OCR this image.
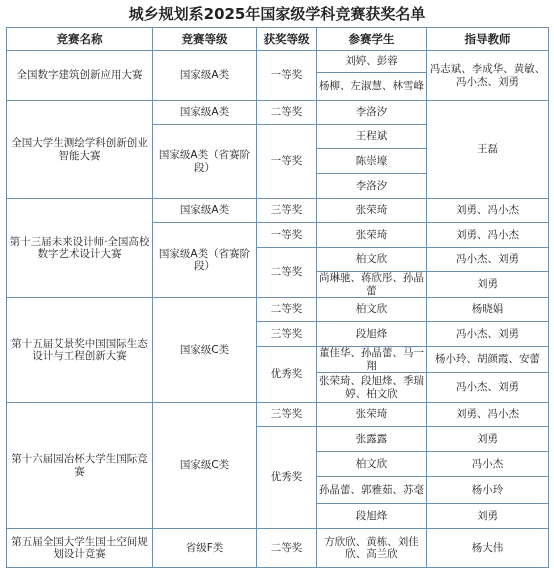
城乡规划系2025年国家级学科竞赛获奖名单
竞赛名称	竞赛等级	获奖等级	参赛学生	指导教师
全国数字建筑创新应用大赛	国家级A类	一等奖	刘婷、彭蓉	冯志斌、李成华、黄敏、冯小杰、刘勇
			杨柳、左淑慧、林雪峰	
全国大学生测绘学科创新创业智能大赛	国家级A类	二等奖	李洛汐	王磊
	国家级A类（省赛阶段）	一等奖	王程斌	
			陈崇壕	
			李洛汐	
第十三届未来设计师·全国高校数字艺术设计大赛	国家级A类	三等奖	张荣琦	刘勇、冯小杰
	国家级A类（省赛阶段）	一等奖	张荣琦	刘勇、冯小杰
		二等奖	柏文欣	冯小杰、刘勇
			尚琳驰、蒋欣彤、孙晶蕾	刘勇
第十五届艾景奖中国国际生态设计与工程创新大赛	国家级C类	二等奖	柏文欣	杨晓娟
		三等奖	段旭烽	冯小杰、刘勇
		优秀奖	董佳华、孙晶蕾、马一翔	杨小玲、胡颜霞、安蕾
			张荣琦、段旭烽、季瑞婷、柏文欣	冯小杰、刘勇
第十六届园冶杯大学生国际竞赛	国家级C类	三等奖	张荣琦	刘勇、冯小杰
		优秀奖	张露露	刘勇
			柏文欣	冯小杰
			孙晶蕾、郭雅茹、苏毫	杨小玲
			段旭烽	刘勇
第五届全国大学生国土空间规划设计竞赛	省级F类	二等奖	方欣欣、黄栋、刘佳欣、高兰欣	杨大伟
